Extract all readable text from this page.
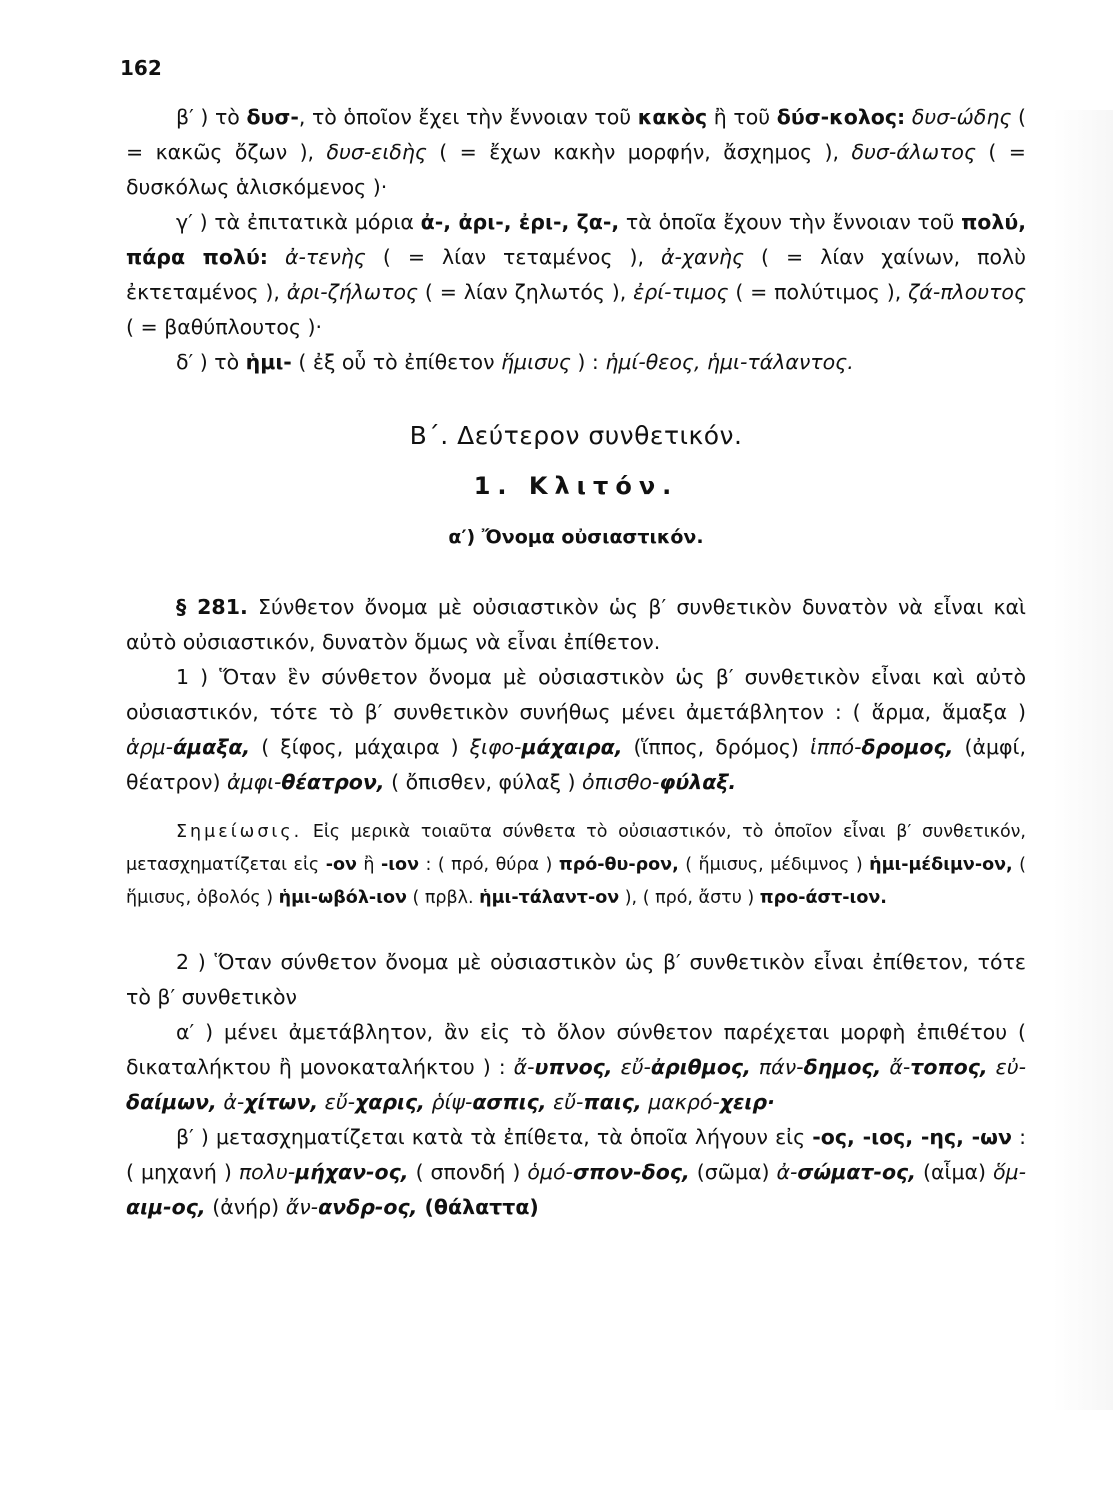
162

β′ ) τὸ δυσ-, τὸ ὁποῖον ἔχει τὴν ἔννοιαν τοῦ κακὸς ἢ τοῦ δύσ-κολος: δυσ-ώδης ( = κακῶς ὄζων ), δυσ-ειδὴς ( = ἔχων κακὴν μορφήν, ἄσχημος ), δυσ-άλωτος ( = δυσκόλως ἁλισκόμενος )·

γ′ ) τὰ ἐπιτατικὰ μόρια ἀ-, ἀρι-, ἐρι-, ζα-, τὰ ὁποῖα ἔχουν τὴν ἔννοιαν τοῦ πολύ, πάρα πολύ: ἀ-τενὴς ( = λίαν τεταμένος ), ἀ-χανὴς ( = λίαν χαίνων, πολὺ ἐκτεταμένος ), ἀρι-ζήλωτος ( = λίαν ζηλωτός ), ἐρί-τιμος ( = πολύτιμος ), ζά-πλουτος ( = βαθύπλουτος )·

δ′ ) τὸ ἡμι- ( ἐξ οὗ τὸ ἐπίθετον ἥμισυς ) : ἡμί-θεος, ἡμι-τάλαντος.

Β΄. Δεύτερον συνθετικόν.
1. Κλιτόν.
α′) Ὄνομα οὐσιαστικόν.

§ 281. Σύνθετον ὄνομα μὲ οὐσιαστικὸν ὡς β′ συνθετικὸν δυνατὸν νὰ εἶναι καὶ αὐτὸ οὐσιαστικόν, δυνατὸν ὅμως νὰ εἶναι ἐπίθετον.

1 ) Ὅταν ἓν σύνθετον ὄνομα μὲ οὐσιαστικὸν ὡς β′ συνθετικὸν εἶναι καὶ αὐτὸ οὐσιαστικόν, τότε τὸ β′ συνθετικὸν συνήθως μένει ἀμετάβλητον : ( ἅρμα, ἅμαξα ) ἁρμ-άμαξα, ( ξίφος, μάχαιρα ) ξιφο-μάχαιρα, (ἵππος, δρόμος) ἱππό-δρομος, (ἀμφί, θέατρον) ἀμφι-θέατρον, ( ὄπισθεν, φύλαξ ) ὀπισθο-φύλαξ.

Σημείωσις. Εἰς μερικὰ τοιαῦτα σύνθετα τὸ οὐσιαστικόν, τὸ ὁποῖον εἶναι β′ συνθετικόν, μετασχηματίζεται εἰς -ον ἢ -ιον : ( πρό, θύρα ) πρό-θυ-ρον, ( ἥμισυς, μέδιμνος ) ἡμι-μέδιμν-ον, ( ἥμισυς, ὀβολός ) ἡμι-ωβόλ-ιον ( πρβλ. ἡμι-τάλαντ-ον ), ( πρό, ἄστυ ) προ-άστ-ιον.

2 ) Ὅταν σύνθετον ὄνομα μὲ οὐσιαστικὸν ὡς β′ συνθετικὸν εἶναι ἐπίθετον, τότε τὸ β′ συνθετικὸν

α′ ) μένει ἀμετάβλητον, ἂν εἰς τὸ ὅλον σύνθετον παρέχεται μορφὴ ἐπιθέτου ( δικαταλήκτου ἢ μονοκαταλήκτου ) : ἄ-υπνος, εὔ-ἀριθμος, πάν-δημος, ἄ-τοπος, εὐ-δαίμων, ἀ-χίτων, εὔ-χαρις, ῥίψ-ασπις, εὔ-παις, μακρό-χειρ·

β′ ) μετασχηματίζεται κατὰ τὰ ἐπίθετα, τὰ ὁποῖα λήγουν εἰς -ος, -ιος, -ης, -ων : ( μηχανή ) πολυ-μήχαν-ος, ( σπονδή ) ὁμό-σπον-δος, (σῶμα) ἀ-σώματ-ος, (αἷμα) ὅμ-αιμ-ος, (ἀνήρ) ἄν-ανδρ-ος, (θάλαττα)
